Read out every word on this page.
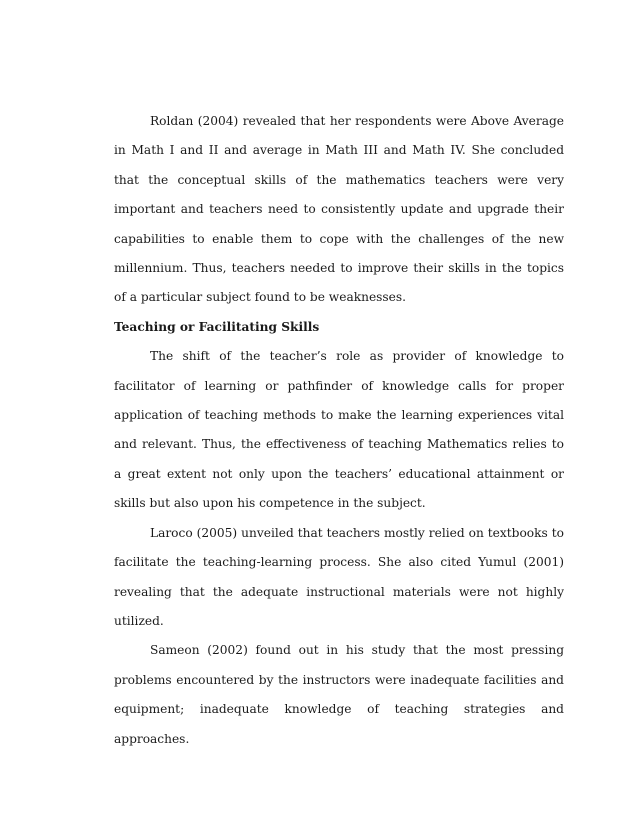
Roldan (2004) revealed that her respondents were Above Average in Math I and II and average in Math III and Math IV. She concluded that the conceptual skills of the mathematics teachers were very important and teachers need to consistently update and upgrade their capabilities to enable them to cope with the challenges of the new millennium. Thus, teachers needed to improve their skills in the topics of a particular subject found to be weaknesses.

Teaching or Facilitating Skills

The shift of the teacher’s role as provider of knowledge to facilitator of learning or pathfinder of knowledge calls for proper application of teaching methods to make the learning experiences vital and relevant. Thus, the effectiveness of teaching Mathematics relies to a great extent not only upon the teachers’ educational attainment or skills but also upon his competence in the subject.

Laroco (2005) unveiled that teachers mostly relied on textbooks to facilitate the teaching-learning process. She also cited Yumul (2001) revealing that the adequate instructional materials were not highly utilized.

Sameon (2002) found out in his study that the most pressing problems encountered by the instructors were inadequate facilities and equipment; inadequate knowledge of teaching strategies and approaches.
